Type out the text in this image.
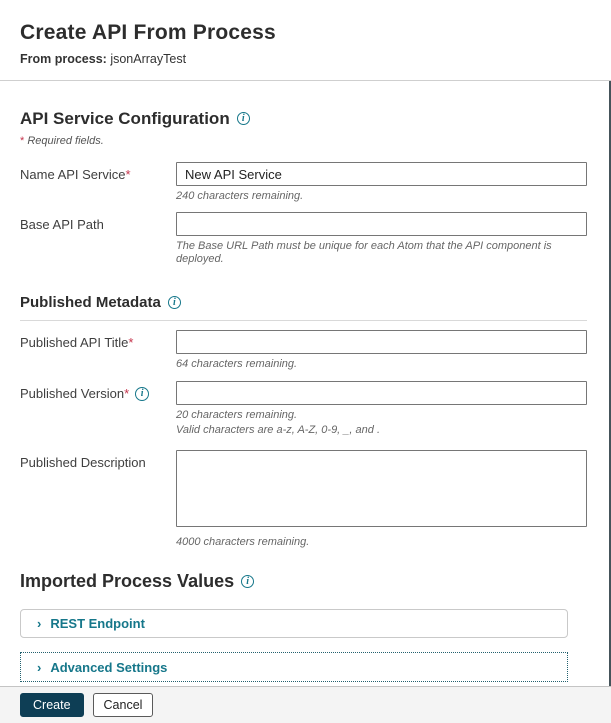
Create API From Process
From process: jsonArrayTest
API Service Configuration	i
* Required fields.
Name API Service *
New API Service
240 characters remaining.
Base API Path
The Base URL Path must be unique for each Atom that the API component is deployed.
Published Metadata	i
Published API Title *
64 characters remaining.
Published Version *	i
20 characters remaining.
Valid characters are a-z, A-Z, 0-9, _, and .
Published Description
4000 characters remaining.
Imported Process Values	i
› REST Endpoint
› Advanced Settings
Create	Cancel
